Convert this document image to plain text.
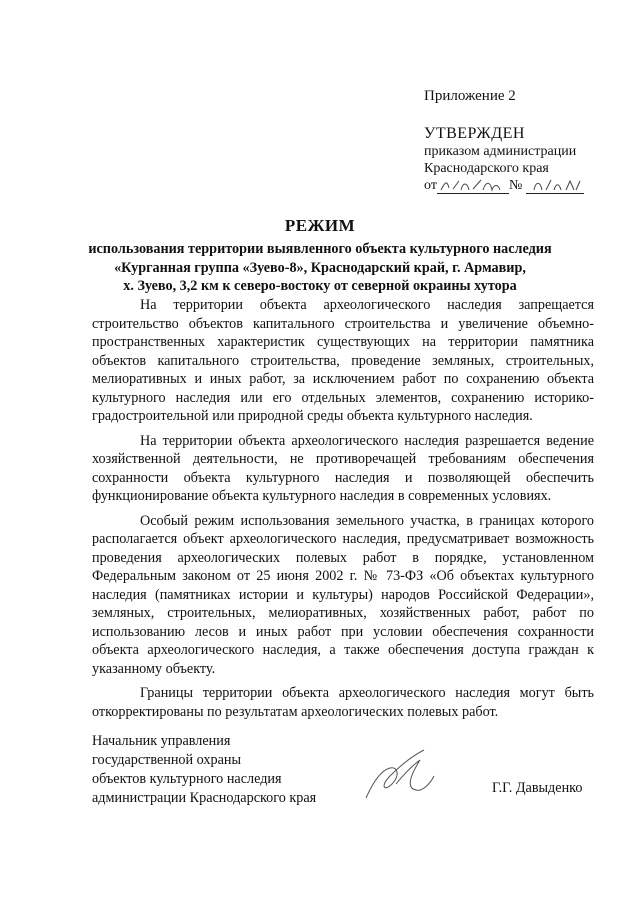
Приложение 2
УТВЕРЖДЕН
приказом администрации
Краснодарского края
от	№
РЕЖИМ
использования территории выявленного объекта культурного наследия
«Курганная группа «Зуево-8», Краснодарский край, г. Армавир,
х. Зуево, 3,2 км к северо-востоку от северной окраины хутора

На территории объекта археологического наследия запрещается строительство объектов капитального строительства и увеличение объемно-пространственных характеристик существующих на территории памятника объектов капитального строительства, проведение земляных, строительных, мелиоративных и иных работ, за исключением работ по сохранению объекта культурного наследия или его отдельных элементов, сохранению историко-градостроительной или природной среды объекта культурного наследия.

На территории объекта археологического наследия разрешается ведение хозяйственной деятельности, не противоречащей требованиям обеспечения сохранности объекта культурного наследия и позволяющей обеспечить функционирование объекта культурного наследия в современных условиях.

Особый режим использования земельного участка, в границах которого располагается объект археологического наследия, предусматривает возможность проведения археологических полевых работ в порядке, установленном Федеральным законом от 25 июня 2002 г. № 73-ФЗ «Об объектах культурного наследия (памятниках истории и культуры) народов Российской Федерации», земляных, строительных, мелиоративных, хозяйственных работ, работ по использованию лесов и иных работ при условии обеспечения сохранности объекта археологического наследия, а также обеспечения доступа граждан к указанному объекту.

Границы территории объекта археологического наследия могут быть откорректированы по результатам археологических полевых работ.

Начальник управления
государственной охраны
объектов культурного наследия
администрации Краснодарского края
Г.Г. Давыденко
